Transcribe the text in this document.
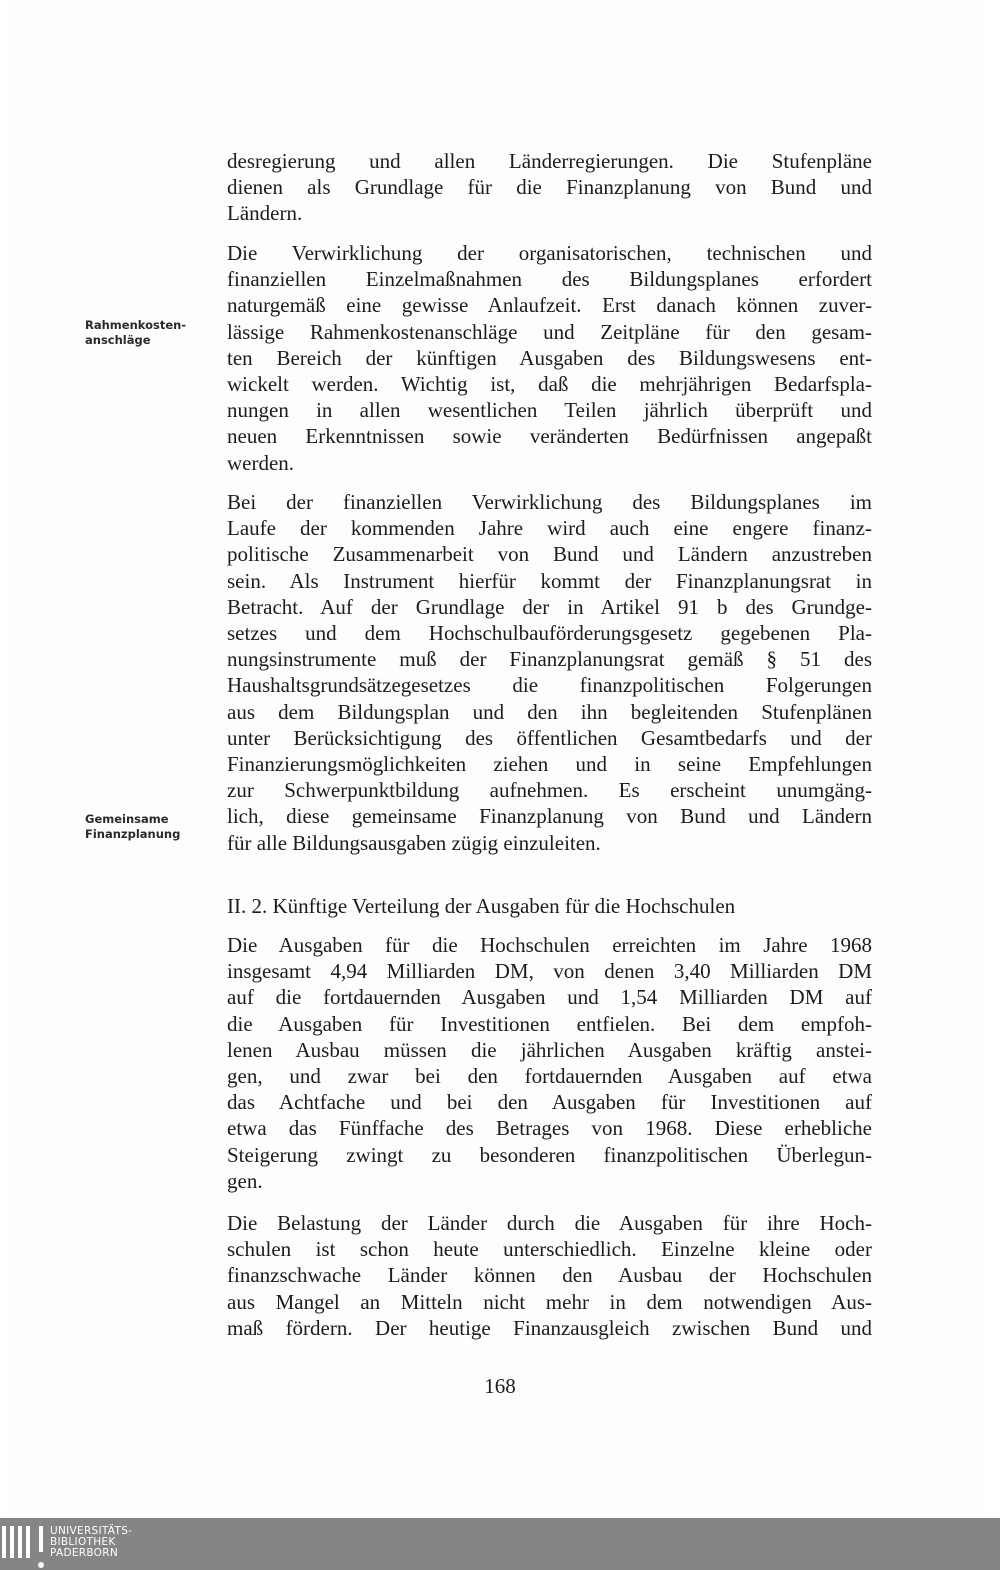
desregierung und allen Länderregierungen. Die Stufenpläne
dienen als Grundlage für die Finanzplanung von Bund und
Ländern.
Die Verwirklichung der organisatorischen, technischen und
finanziellen Einzelmaßnahmen des Bildungsplanes erfordert
naturgemäß eine gewisse Anlaufzeit. Erst danach können zuver-
lässige Rahmenkostenanschläge und Zeitpläne für den gesam-
ten Bereich der künftigen Ausgaben des Bildungswesens ent-
wickelt werden. Wichtig ist, daß die mehrjährigen Bedarfspla-
nungen in allen wesentlichen Teilen jährlich überprüft und
neuen Erkenntnissen sowie veränderten Bedürfnissen angepaßt
werden.
Bei der finanziellen Verwirklichung des Bildungsplanes im
Laufe der kommenden Jahre wird auch eine engere finanz-
politische Zusammenarbeit von Bund und Ländern anzustreben
sein. Als Instrument hierfür kommt der Finanzplanungsrat in
Betracht. Auf der Grundlage der in Artikel 91 b des Grundge-
setzes und dem Hochschulbauförderungsgesetz gegebenen Pla-
nungsinstrumente muß der Finanzplanungsrat gemäß § 51 des
Haushaltsgrundsätzegesetzes die finanzpolitischen Folgerungen
aus dem Bildungsplan und den ihn begleitenden Stufenplänen
unter Berücksichtigung des öffentlichen Gesamtbedarfs und der
Finanzierungsmöglichkeiten ziehen und in seine Empfehlungen
zur Schwerpunktbildung aufnehmen. Es erscheint unumgäng-
lich, diese gemeinsame Finanzplanung von Bund und Ländern
für alle Bildungsausgaben zügig einzuleiten.
Rahmenkosten-
anschläge
Gemeinsame
Finanzplanung
II. 2. Künftige Verteilung der Ausgaben für die Hochschulen
Die Ausgaben für die Hochschulen erreichten im Jahre 1968
insgesamt 4,94 Milliarden DM, von denen 3,40 Milliarden DM
auf die fortdauernden Ausgaben und 1,54 Milliarden DM auf
die Ausgaben für Investitionen entfielen. Bei dem empfoh-
lenen Ausbau müssen die jährlichen Ausgaben kräftig anstei-
gen, und zwar bei den fortdauernden Ausgaben auf etwa
das Achtfache und bei den Ausgaben für Investitionen auf
etwa das Fünffache des Betrages von 1968. Diese erhebliche
Steigerung zwingt zu besonderen finanzpolitischen Überlegun-
gen.
Die Belastung der Länder durch die Ausgaben für ihre Hoch-
schulen ist schon heute unterschiedlich. Einzelne kleine oder
finanzschwache Länder können den Ausbau der Hochschulen
aus Mangel an Mitteln nicht mehr in dem notwendigen Aus-
maß fördern. Der heutige Finanzausgleich zwischen Bund und
168
UNIVERSITÄTS-
BIBLIOTHEK
PADERBORN
